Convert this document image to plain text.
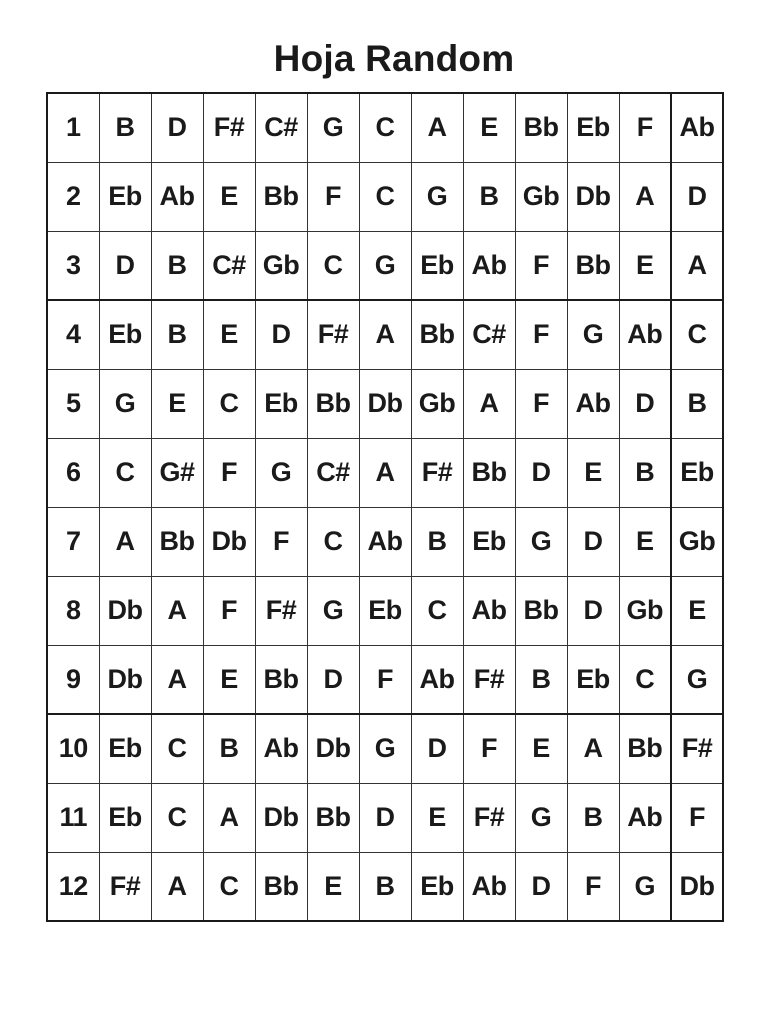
Hoja Random
1	B	D	F#	C#	G	C	A	E	Bb	Eb	F	Ab
2	Eb	Ab	E	Bb	F	C	G	B	Gb	Db	A	D
3	D	B	C#	Gb	C	G	Eb	Ab	F	Bb	E	A
4	Eb	B	E	D	F#	A	Bb	C#	F	G	Ab	C
5	G	E	C	Eb	Bb	Db	Gb	A	F	Ab	D	B
6	C	G#	F	G	C#	A	F#	Bb	D	E	B	Eb
7	A	Bb	Db	F	C	Ab	B	Eb	G	D	E	Gb
8	Db	A	F	F#	G	Eb	C	Ab	Bb	D	Gb	E
9	Db	A	E	Bb	D	F	Ab	F#	B	Eb	C	G
10	Eb	C	B	Ab	Db	G	D	F	E	A	Bb	F#
11	Eb	C	A	Db	Bb	D	E	F#	G	B	Ab	F
12	F#	A	C	Bb	E	B	Eb	Ab	D	F	G	Db
